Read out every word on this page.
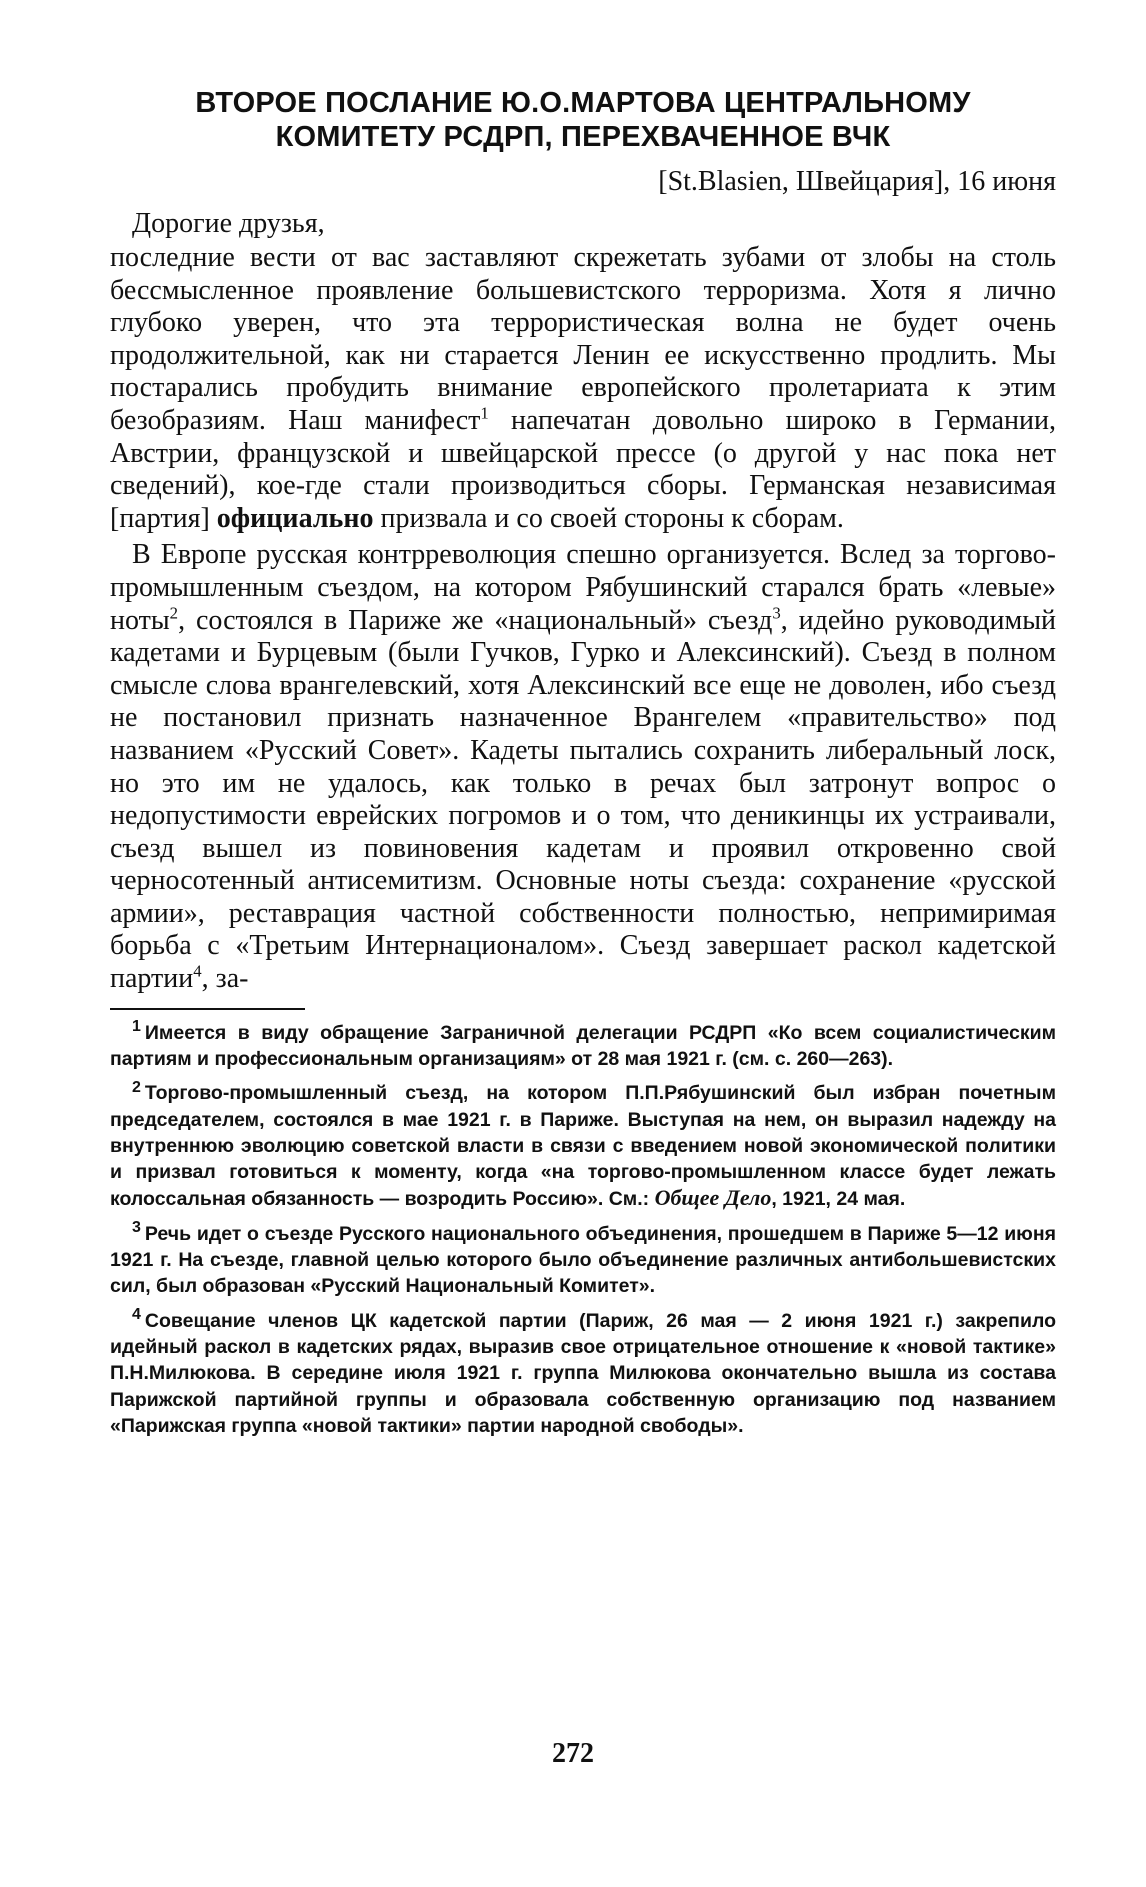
ВТОРОЕ ПОСЛАНИЕ Ю.О.МАРТОВА ЦЕНТРАЛЬНОМУ
КОМИТЕТУ РСДРП, ПЕРЕХВАЧЕННОЕ ВЧК
[St.Blasien, Швейцария], 16 июня
Дорогие друзья,

последние вести от вас заставляют скрежетать зубами от злобы на столь бессмысленное проявление большевистского терроризма. Хотя я лично глубоко уверен, что эта террористическая волна не будет очень продолжительной, как ни старается Ленин ее искусственно продлить. Мы постарались пробудить внимание европейского пролетариата к этим безобразиям. Наш манифест$^1$ напечатан довольно широко в Германии, Австрии, французской и швейцарской прессе (о другой у нас пока нет сведений), кое-где стали производиться сборы. Германская независимая [партия] официально призвала и со своей стороны к сборам.

В Европе русская контрреволюция спешно организуется. Вслед за торгово-промышленным съездом, на котором Рябушинский старался брать «левые» ноты$^2$, состоялся в Париже же «национальный» съезд$^3$, идейно руководимый кадетами и Бурцевым (были Гучков, Гурко и Алексинский). Съезд в полном смысле слова врангелевский, хотя Алексинский все еще не доволен, ибо съезд не постановил признать назначенное Врангелем «правительство» под названием «Русский Совет». Кадеты пытались сохранить либеральный лоск, но это им не удалось, как только в речах был затронут вопрос о недопустимости еврейских погромов и о том, что деникинцы их устраивали, съезд вышел из повиновения кадетам и проявил откровенно свой черносотенный антисемитизм. Основные ноты съезда: сохранение «русской армии», реставрация частной собственности полностью, непримиримая борьба с «Третьим Интернационалом». Съезд завершает раскол кадетской партии$^4$, за-

$^1$ Имеется в виду обращение Заграничной делегации РСДРП «Ко всем социалистическим партиям и профессиональным организациям» от 28 мая 1921 г. (см. с. 260—263).

$^2$ Торгово-промышленный съезд, на котором П.П.Рябушинский был избран почетным председателем, состоялся в мае 1921 г. в Париже. Выступая на нем, он выразил надежду на внутреннюю эволюцию советской власти в связи с введением новой экономической политики и призвал готовиться к моменту, когда «на торгово-промышленном классе будет лежать колоссальная обязанность — возродить Россию». См.: Общее Дело, 1921, 24 мая.

$^3$ Речь идет о съезде Русского национального объединения, прошедшем в Париже 5—12 июня 1921 г. На съезде, главной целью которого было объединение различных антибольшевистских сил, был образован «Русский Национальный Комитет».

$^4$ Совещание членов ЦК кадетской партии (Париж, 26 мая — 2 июня 1921 г.) закрепило идейный раскол в кадетских рядах, выразив свое отрицательное отношение к «новой тактике» П.Н.Милюкова. В середине июля 1921 г. группа Милюкова окончательно вышла из состава Парижской партийной группы и образовала собственную организацию под названием «Парижская группа «новой тактики» партии народной свободы».

272
